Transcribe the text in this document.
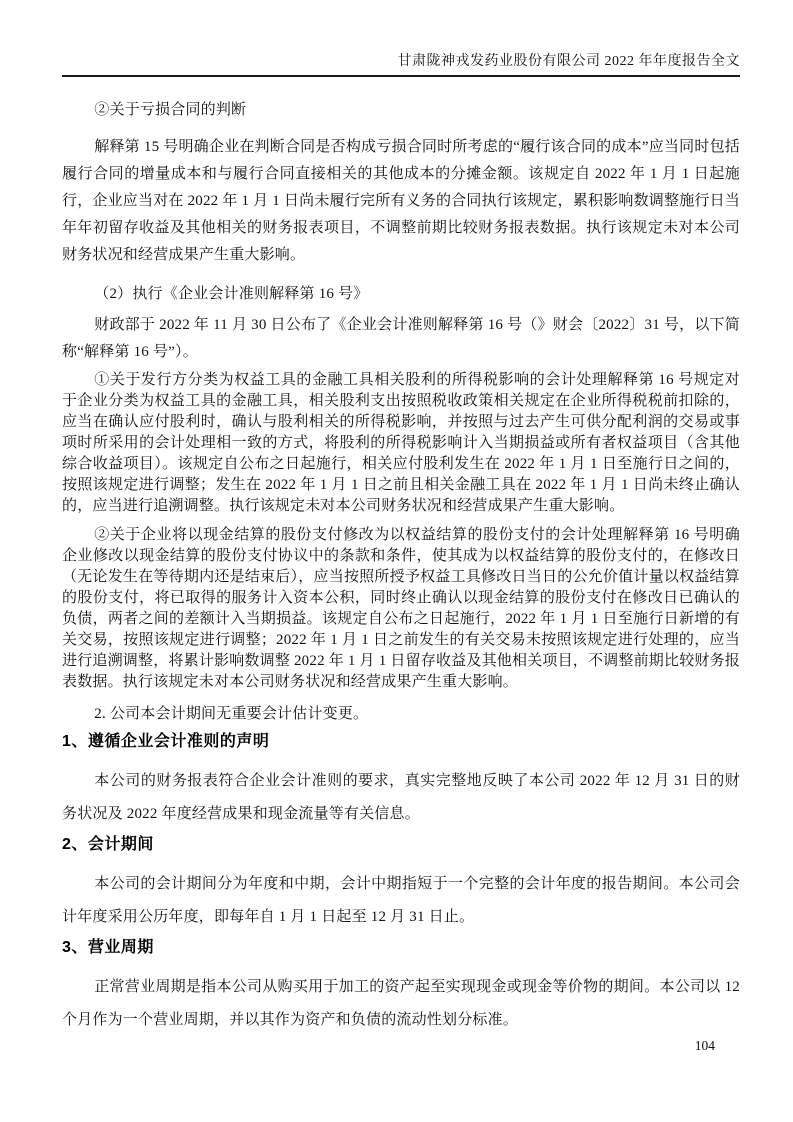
甘肃陇神戎发药业股份有限公司 2022 年年度报告全文

②关于亏损合同的判断

解释第 15 号明确企业在判断合同是否构成亏损合同时所考虑的“履行该合同的成本”应当同时包括履行合同的增量成本和与履行合同直接相关的其他成本的分摊金额。该规定自 2022 年 1 月 1 日起施行，企业应当对在 2022 年 1 月 1 日尚未履行完所有义务的合同执行该规定，累积影响数调整施行日当年年初留存收益及其他相关的财务报表项目，不调整前期比较财务报表数据。执行该规定未对本公司财务状况和经营成果产生重大影响。

（2）执行《企业会计准则解释第 16 号》

财政部于 2022 年 11 月 30 日公布了《企业会计准则解释第 16 号（》财会〔2022〕31 号，以下简称“解释第 16 号”）。

①关于发行方分类为权益工具的金融工具相关股利的所得税影响的会计处理解释第 16 号规定对于企业分类为权益工具的金融工具，相关股利支出按照税收政策相关规定在企业所得税税前扣除的，应当在确认应付股利时，确认与股利相关的所得税影响，并按照与过去产生可供分配利润的交易或事项时所采用的会计处理相一致的方式，将股利的所得税影响计入当期损益或所有者权益项目（含其他综合收益项目）。该规定自公布之日起施行，相关应付股利发生在 2022 年 1 月 1 日至施行日之间的，按照该规定进行调整；发生在 2022 年 1 月 1 日之前且相关金融工具在 2022 年 1 月 1 日尚未终止确认的，应当进行追溯调整。执行该规定未对本公司财务状况和经营成果产生重大影响。

②关于企业将以现金结算的股份支付修改为以权益结算的股份支付的会计处理解释第 16 号明确企业修改以现金结算的股份支付协议中的条款和条件，使其成为以权益结算的股份支付的，在修改日（无论发生在等待期内还是结束后），应当按照所授予权益工具修改日当日的公允价值计量以权益结算的股份支付，将已取得的服务计入资本公积，同时终止确认以现金结算的股份支付在修改日已确认的负债，两者之间的差额计入当期损益。该规定自公布之日起施行，2022 年 1 月 1 日至施行日新增的有关交易，按照该规定进行调整；2022 年 1 月 1 日之前发生的有关交易未按照该规定进行处理的，应当进行追溯调整，将累计影响数调整 2022 年 1 月 1 日留存收益及其他相关项目，不调整前期比较财务报表数据。执行该规定未对本公司财务状况和经营成果产生重大影响。

2. 公司本会计期间无重要会计估计变更。

1、遵循企业会计准则的声明

本公司的财务报表符合企业会计准则的要求，真实完整地反映了本公司 2022 年 12 月 31 日的财务状况及 2022 年度经营成果和现金流量等有关信息。

2、会计期间

本公司的会计期间分为年度和中期，会计中期指短于一个完整的会计年度的报告期间。本公司会计年度采用公历年度，即每年自 1 月 1 日起至 12 月 31 日止。

3、营业周期

正常营业周期是指本公司从购买用于加工的资产起至实现现金或现金等价物的期间。本公司以 12 个月作为一个营业周期，并以其作为资产和负债的流动性划分标准。

104
